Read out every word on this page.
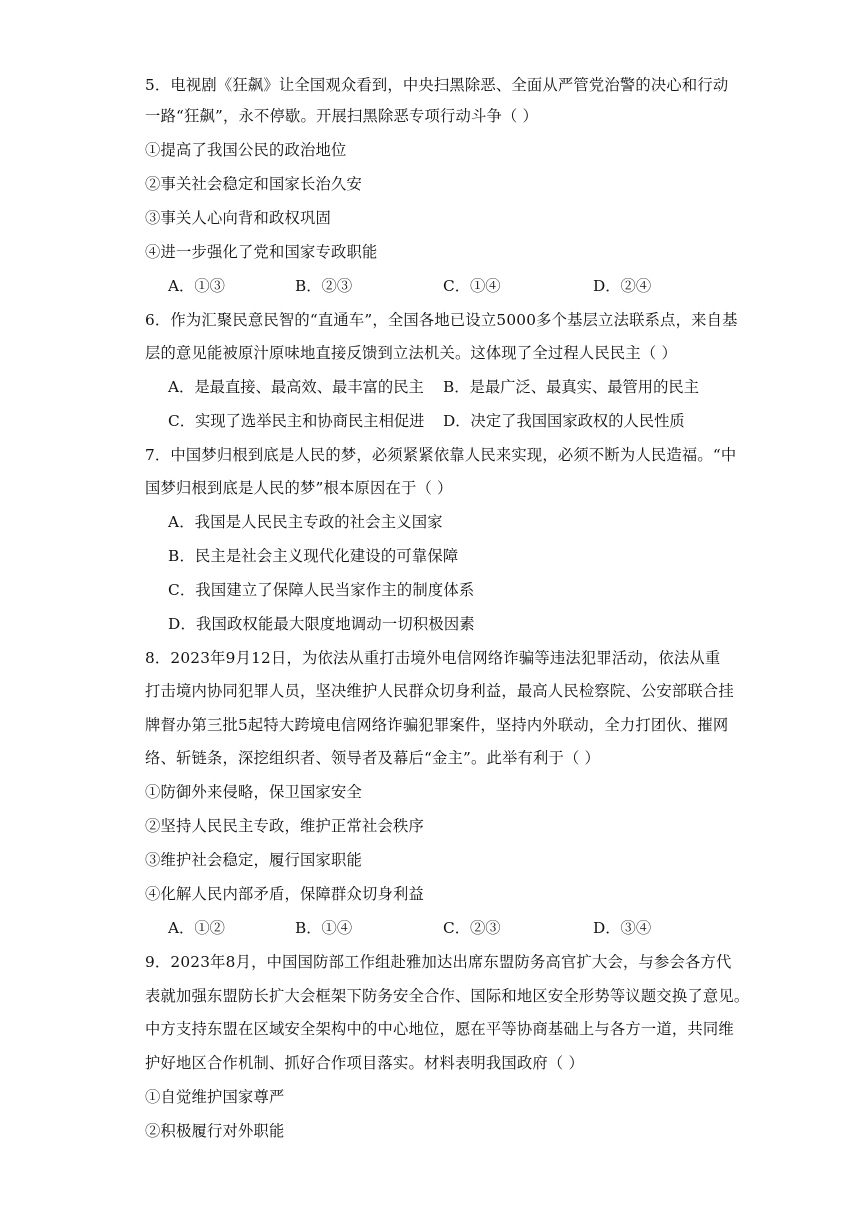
5．电视剧《狂飙》让全国观众看到，中央扫黑除恶、全面从严管党治警的决心和行动
一路“狂飙”，永不停歇。开展扫黑除恶专项行动斗争（ ）
①提高了我国公民的政治地位
②事关社会稳定和国家长治久安
③事关人心向背和政权巩固
④进一步强化了党和国家专政职能
A．①③	B．②③	C．①④	D．②④
6．作为汇聚民意民智的“直通车”，全国各地已设立5000多个基层立法联系点，来自基
层的意见能被原汁原味地直接反馈到立法机关。这体现了全过程人民民主（ ）
A．是最直接、最高效、最丰富的民主 B．是最广泛、最真实、最管用的民主
C．实现了选举民主和协商民主相促进 D．决定了我国国家政权的人民性质
7．中国梦归根到底是人民的梦，必须紧紧依靠人民来实现，必须不断为人民造福。“中
国梦归根到底是人民的梦”根本原因在于（ ）
A．我国是人民民主专政的社会主义国家
B．民主是社会主义现代化建设的可靠保障
C．我国建立了保障人民当家作主的制度体系
D．我国政权能最大限度地调动一切积极因素
8．2023年9月12日，为依法从重打击境外电信网络诈骗等违法犯罪活动，依法从重
打击境内协同犯罪人员，坚决维护人民群众切身利益，最高人民检察院、公安部联合挂
牌督办第三批5起特大跨境电信网络诈骗犯罪案件，坚持内外联动，全力打团伙、摧网
络、斩链条，深挖组织者、领导者及幕后“金主”。此举有利于（ ）
①防御外来侵略，保卫国家安全
②坚持人民民主专政，维护正常社会秩序
③维护社会稳定，履行国家职能
④化解人民内部矛盾，保障群众切身利益
A．①②	B．①④	C．②③	D．③④
9．2023年8月，中国国防部工作组赴雅加达出席东盟防务高官扩大会，与参会各方代
表就加强东盟防长扩大会框架下防务安全合作、国际和地区安全形势等议题交换了意见。
中方支持东盟在区域安全架构中的中心地位，愿在平等协商基础上与各方一道，共同维
护好地区合作机制、抓好合作项目落实。材料表明我国政府（ ）
①自觉维护国家尊严
②积极履行对外职能
